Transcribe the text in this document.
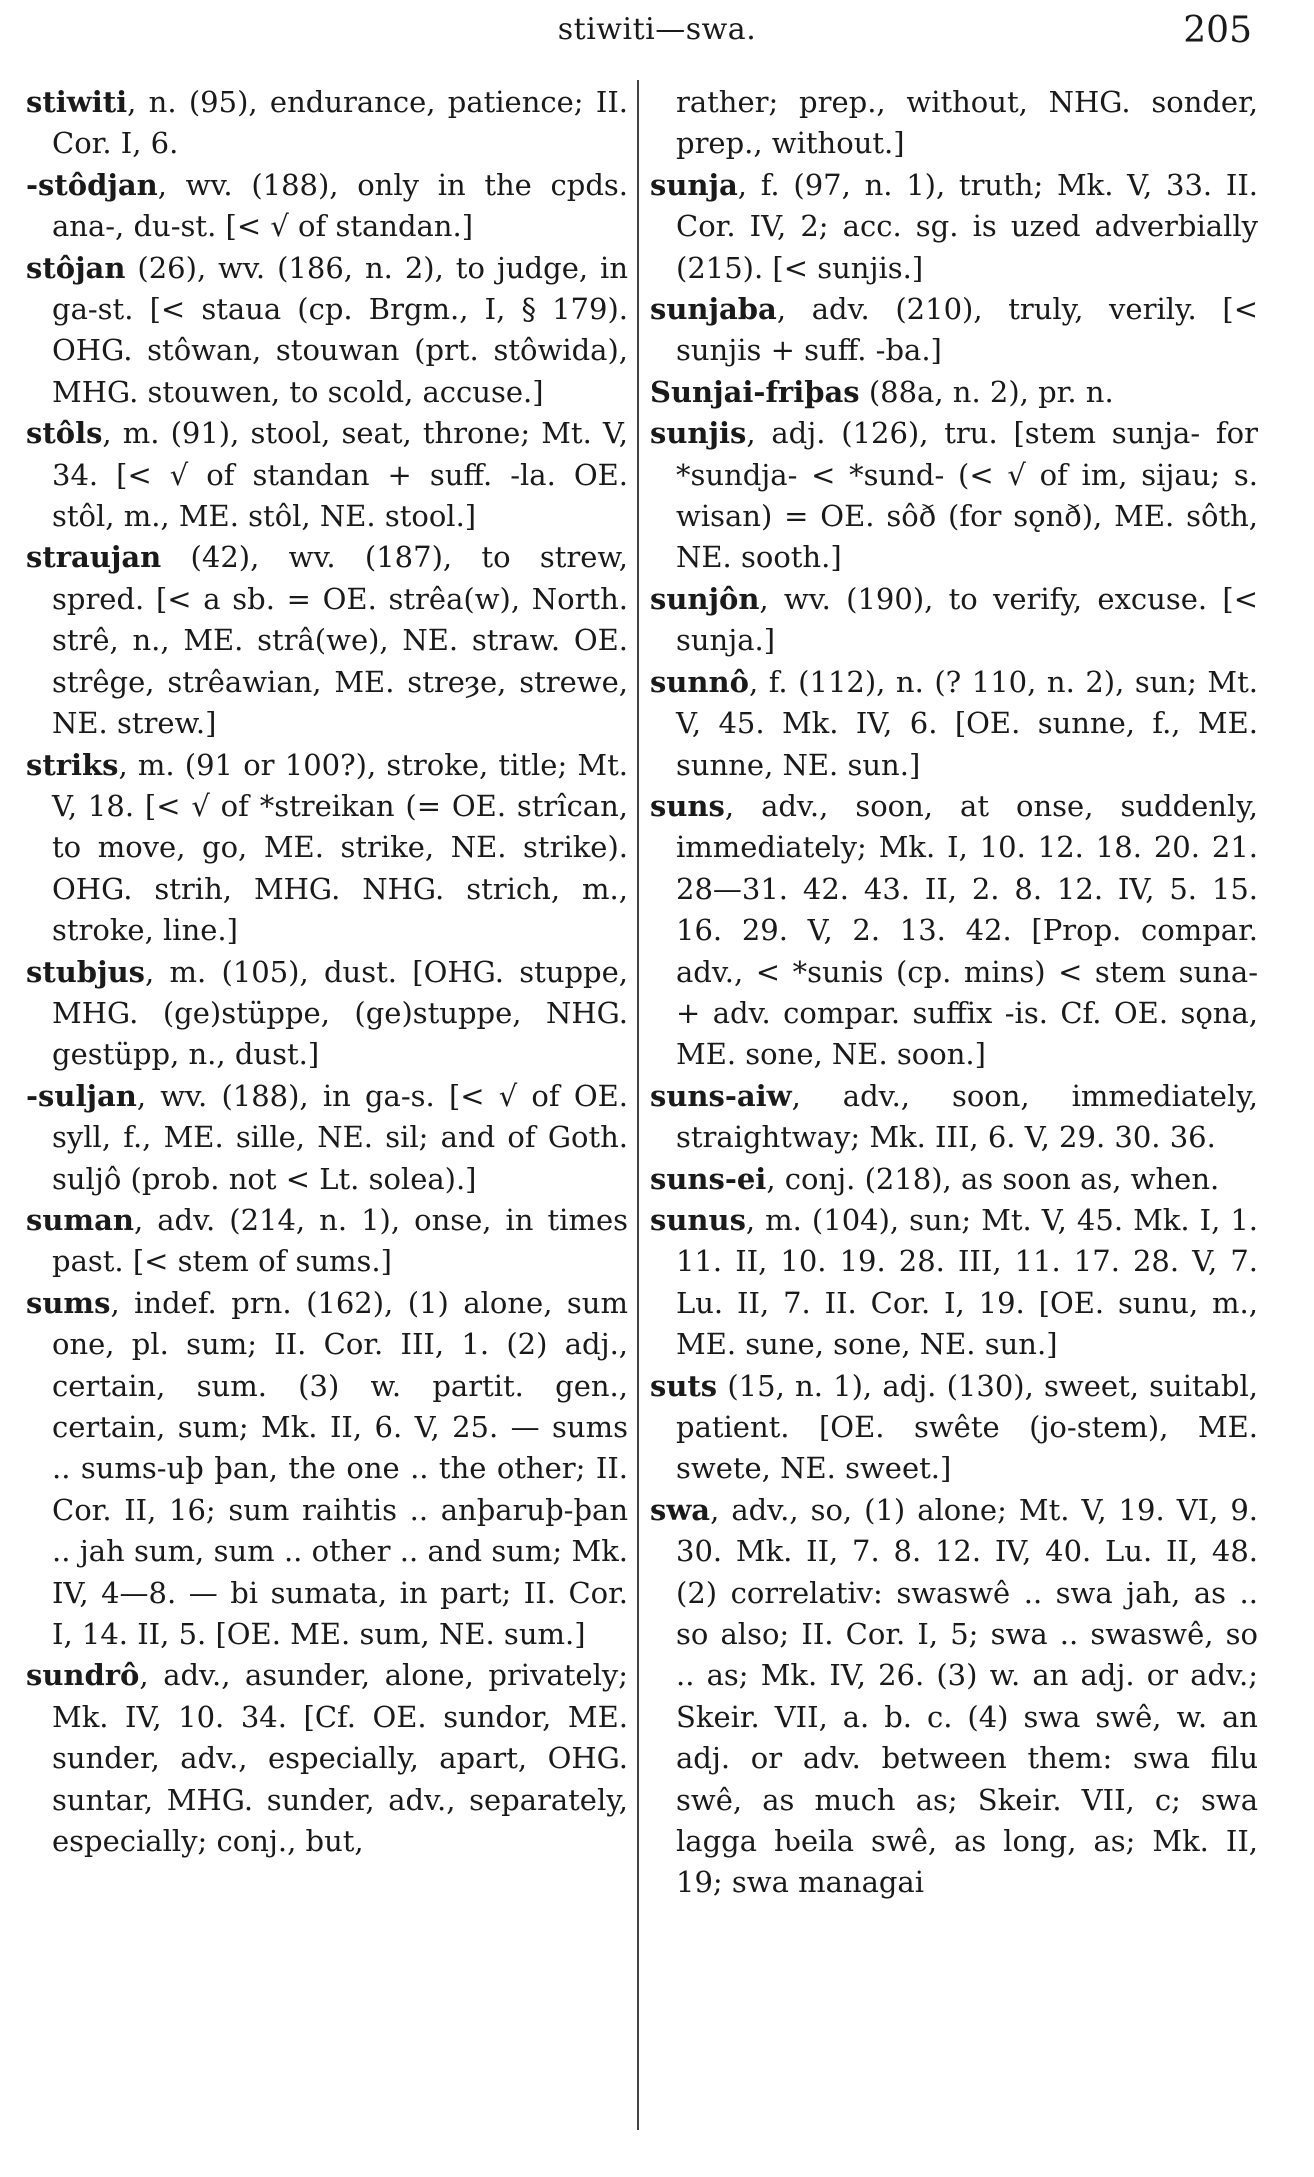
stiwiti—swa.	205

stiwiti, n. (95), endurance, patience; II. Cor. I, 6.

-stôdjan, wv. (188), only in the cpds. ana-, du-st. [< √ of standan.]

stôjan (26), wv. (186, n. 2), to judge, in ga-st. [< staua (cp. Brgm., I, § 179). OHG. stôwan, stouwan (prt. stôwida), MHG. stouwen, to scold, accuse.]

stôls, m. (91), stool, seat, throne; Mt. V, 34. [< √ of standan + suff. -la. OE. stôl, m., ME. stôl, NE. stool.]

straujan (42), wv. (187), to strew, spred. [< a sb. = OE. strêa(w), North. strê, n., ME. strâ(we), NE. straw. OE. strêge, strêawian, ME. streȝe, strewe, NE. strew.]

striks, m. (91 or 100?), stroke, title; Mt. V, 18. [< √ of *streikan (= OE. strîcan, to move, go, ME. strike, NE. strike). OHG. strih, MHG. NHG. strich, m., stroke, line.]

stubjus, m. (105), dust. [OHG. stuppe, MHG. (ge)stüppe, (ge)stuppe, NHG. gestüpp, n., dust.]

-suljan, wv. (188), in ga-s. [< √ of OE. syll, f., ME. sille, NE. sil; and of Goth. suljô (prob. not < Lt. solea).]

suman, adv. (214, n. 1), onse, in times past. [< stem of sums.]

sums, indef. prn. (162), (1) alone, sum one, pl. sum; II. Cor. III, 1. (2) adj., certain, sum. (3) w. partit. gen., certain, sum; Mk. II, 6. V, 25. — sums .. sums-uþ þan, the one .. the other; II. Cor. II, 16; sum raihtis .. anþaruþ-þan .. jah sum, sum .. other .. and sum; Mk. IV, 4—8. — bi sumata, in part; II. Cor. I, 14. II, 5. [OE. ME. sum, NE. sum.]

sundrô, adv., asunder, alone, privately; Mk. IV, 10. 34. [Cf. OE. sundor, ME. sunder, adv., especially, apart, OHG. suntar, MHG. sunder, adv., separately, especially; conj., but,

rather; prep., without, NHG. sonder, prep., without.]

sunja, f. (97, n. 1), truth; Mk. V, 33. II. Cor. IV, 2; acc. sg. is uzed adverbially (215). [< sunjis.]

sunjaba, adv. (210), truly, verily. [< sunjis + suff. -ba.]

Sunjai-friþas (88a, n. 2), pr. n.

sunjis, adj. (126), tru. [stem sunja- for *sundja- < *sund- (< √ of im, sijau; s. wisan) = OE. sôð (for sǫnð), ME. sôth, NE. sooth.]

sunjôn, wv. (190), to verify, excuse. [< sunja.]

sunnô, f. (112), n. (? 110, n. 2), sun; Mt. V, 45. Mk. IV, 6. [OE. sunne, f., ME. sunne, NE. sun.]

suns, adv., soon, at onse, suddenly, immediately; Mk. I, 10. 12. 18. 20. 21. 28—31. 42. 43. II, 2. 8. 12. IV, 5. 15. 16. 29. V, 2. 13. 42. [Prop. compar. adv., < *sunis (cp. mins) < stem suna- + adv. compar. suffix -is. Cf. OE. sǫna, ME. sone, NE. soon.]

suns-aiw, adv., soon, immediately, straightway; Mk. III, 6. V, 29. 30. 36.

suns-ei, conj. (218), as soon as, when.

sunus, m. (104), sun; Mt. V, 45. Mk. I, 1. 11. II, 10. 19. 28. III, 11. 17. 28. V, 7. Lu. II, 7. II. Cor. I, 19. [OE. sunu, m., ME. sune, sone, NE. sun.]

suts (15, n. 1), adj. (130), sweet, suitabl, patient. [OE. swête (jo-stem), ME. swete, NE. sweet.]

swa, adv., so, (1) alone; Mt. V, 19. VI, 9. 30. Mk. II, 7. 8. 12. IV, 40. Lu. II, 48. (2) correlativ: swaswê .. swa jah, as .. so also; II. Cor. I, 5; swa .. swaswê, so .. as; Mk. IV, 26. (3) w. an adj. or adv.; Skeir. VII, a. b. c. (4) swa swê, w. an adj. or adv. between them: swa filu swê, as much as; Skeir. VII, c; swa lagga ƕeila swê, as long, as; Mk. II, 19; swa managai
